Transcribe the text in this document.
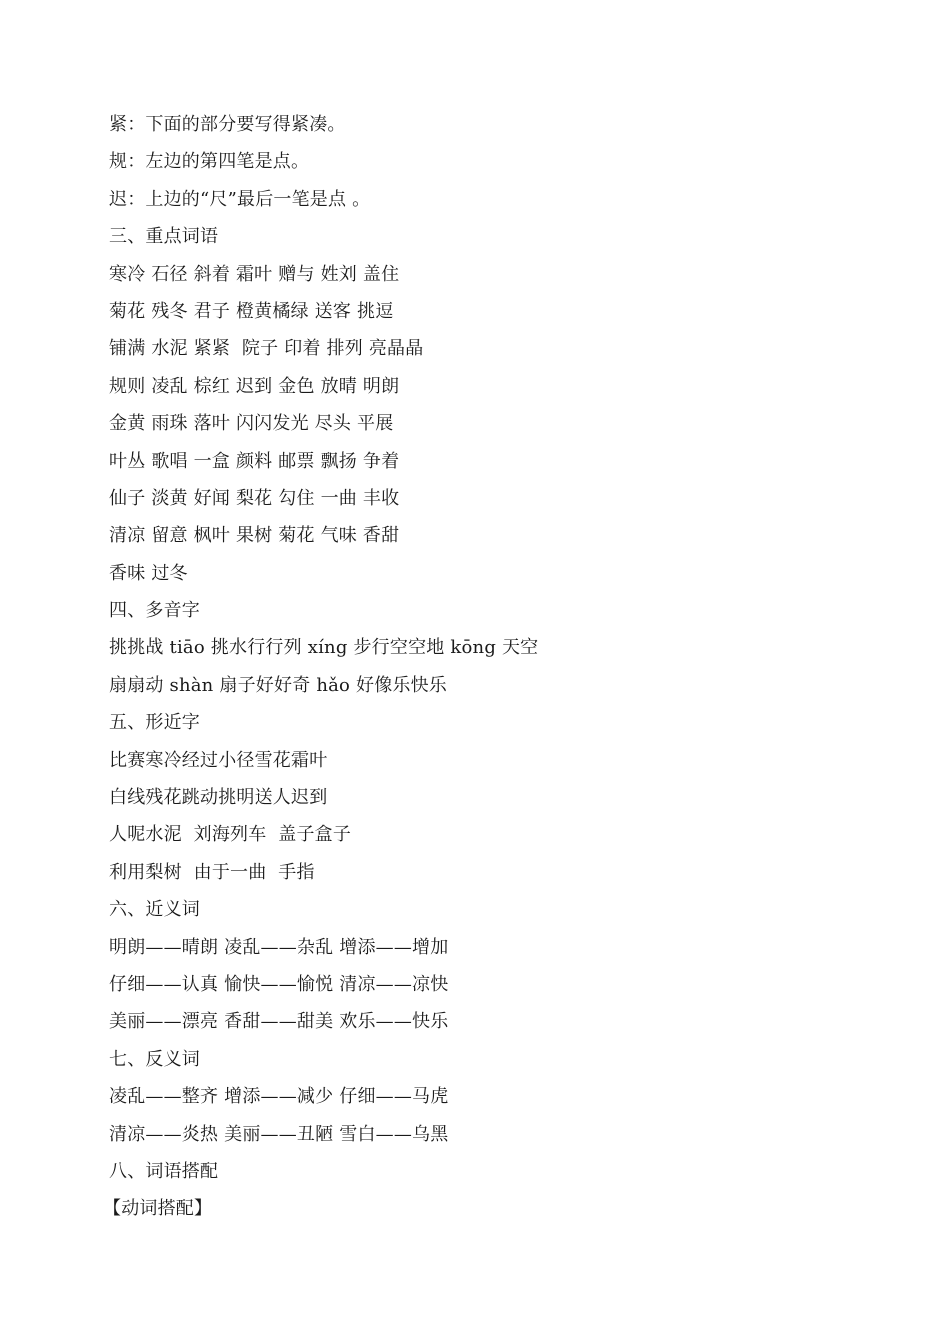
紧：下面的部分要写得紧凑。
规：左边的第四笔是点。
迟：上边的“尺”最后一笔是点 。
三、重点词语
寒冷 石径 斜着 霜叶 赠与 姓刘 盖住
菊花 残冬 君子 橙黄橘绿 送客 挑逗
铺满 水泥 紧紧  院子 印着 排列 亮晶晶
规则 凌乱 棕红 迟到 金色 放晴 明朗
金黄 雨珠 落叶 闪闪发光 尽头 平展
叶丛 歌唱 一盒 颜料 邮票 飘扬 争着
仙子 淡黄 好闻 梨花 勾住 一曲 丰收
清凉 留意 枫叶 果树 菊花 气味 香甜
香味 过冬
四、多音字
挑挑战 tiāo 挑水行行列 xíng 步行空空地 kōng 天空
扇扇动 shàn 扇子好好奇 hǎo 好像乐快乐
五、形近字
比赛寒冷经过小径雪花霜叶
白线残花跳动挑明送人迟到
人呢水泥  刘海列车  盖子盒子
利用梨树  由于一曲  手指
六、近义词
明朗——晴朗 凌乱——杂乱 增添——增加
仔细——认真 愉快——愉悦 清凉——凉快
美丽——漂亮 香甜——甜美 欢乐——快乐
七、反义词
凌乱——整齐 增添——减少 仔细——马虎
清凉——炎热 美丽——丑陋 雪白——乌黑
八、词语搭配
【动词搭配】
